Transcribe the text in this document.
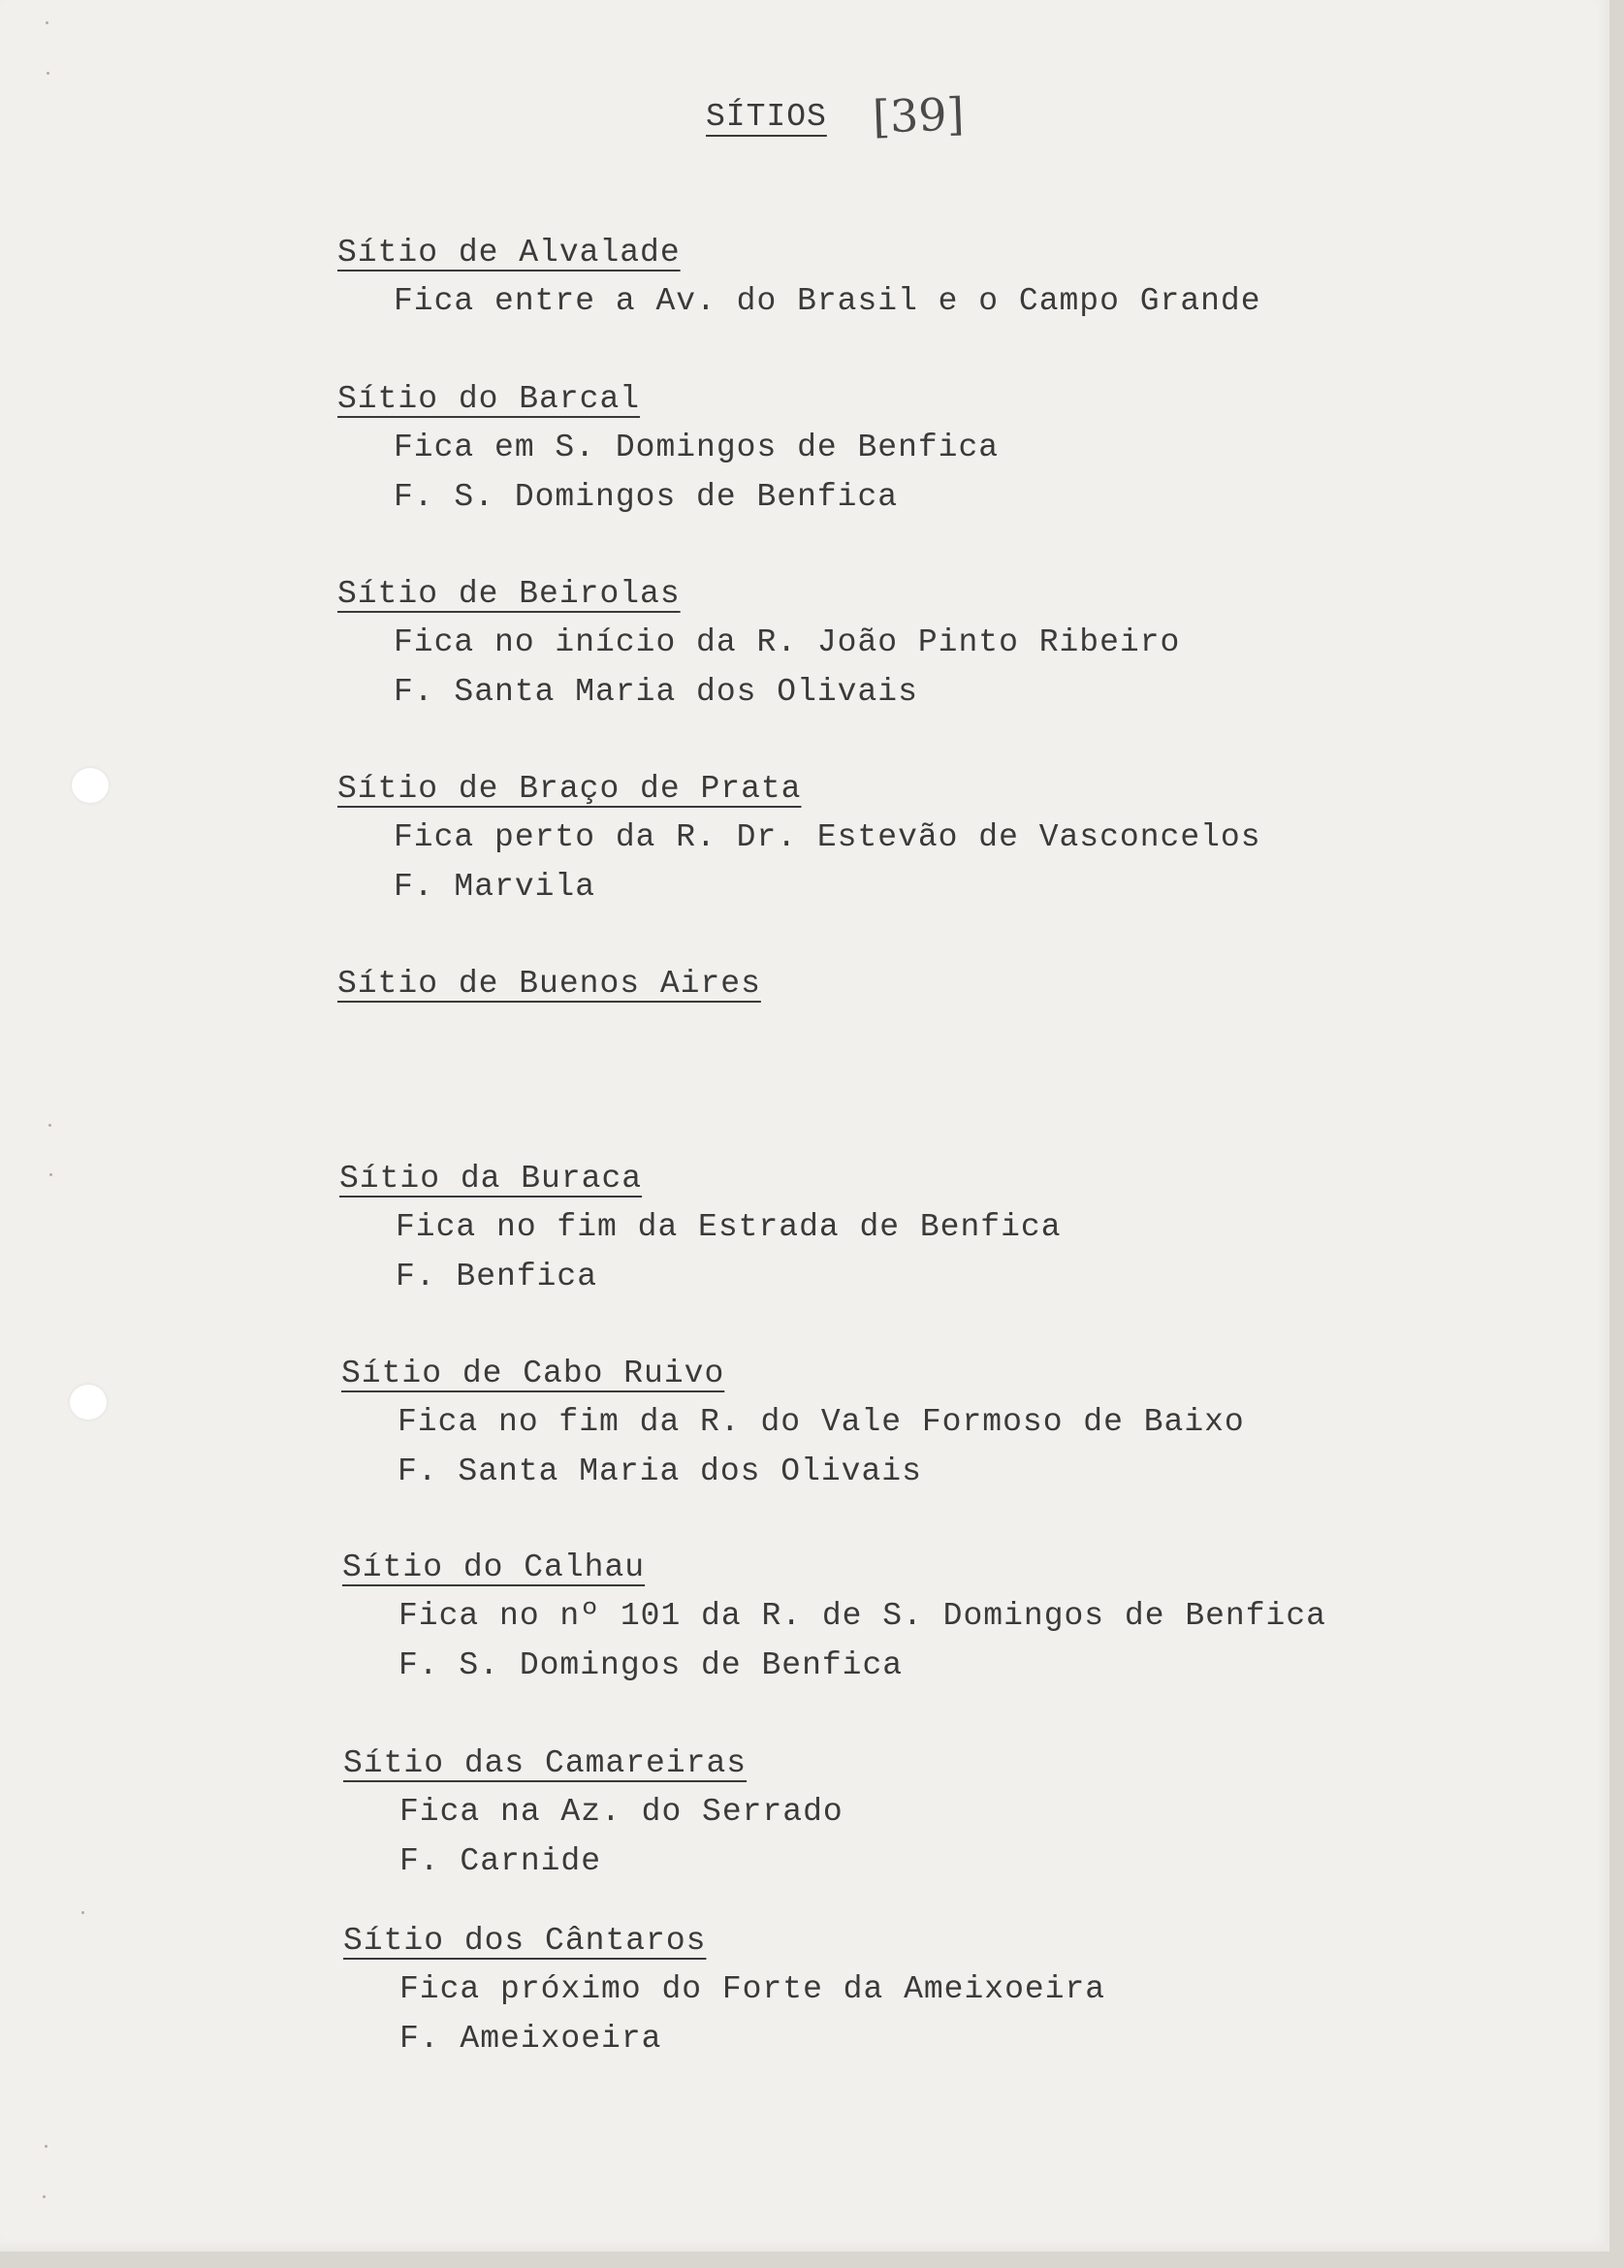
SÍTIOS [39]
Sítio de Alvalade
Fica entre a Av. do Brasil e o Campo Grande
Sítio do Barcal
Fica em S. Domingos de Benfica
F. S. Domingos de Benfica
Sítio de Beirolas
Fica no início da R. João Pinto Ribeiro
F. Santa Maria dos Olivais
Sítio de Braço de Prata
Fica perto da R. Dr. Estevão de Vasconcelos
F. Marvila
Sítio de Buenos Aires
Sítio da Buraca
Fica no fim da Estrada de Benfica
F. Benfica
Sítio de Cabo Ruivo
Fica no fim da R. do Vale Formoso de Baixo
F. Santa Maria dos Olivais
Sítio do Calhau
Fica no nº 101 da R. de S. Domingos de Benfica
F. S. Domingos de Benfica
Sítio das Camareiras
Fica na Az. do Serrado
F. Carnide
Sítio dos Cântaros
Fica próximo do Forte da Ameixoeira
F. Ameixoeira
